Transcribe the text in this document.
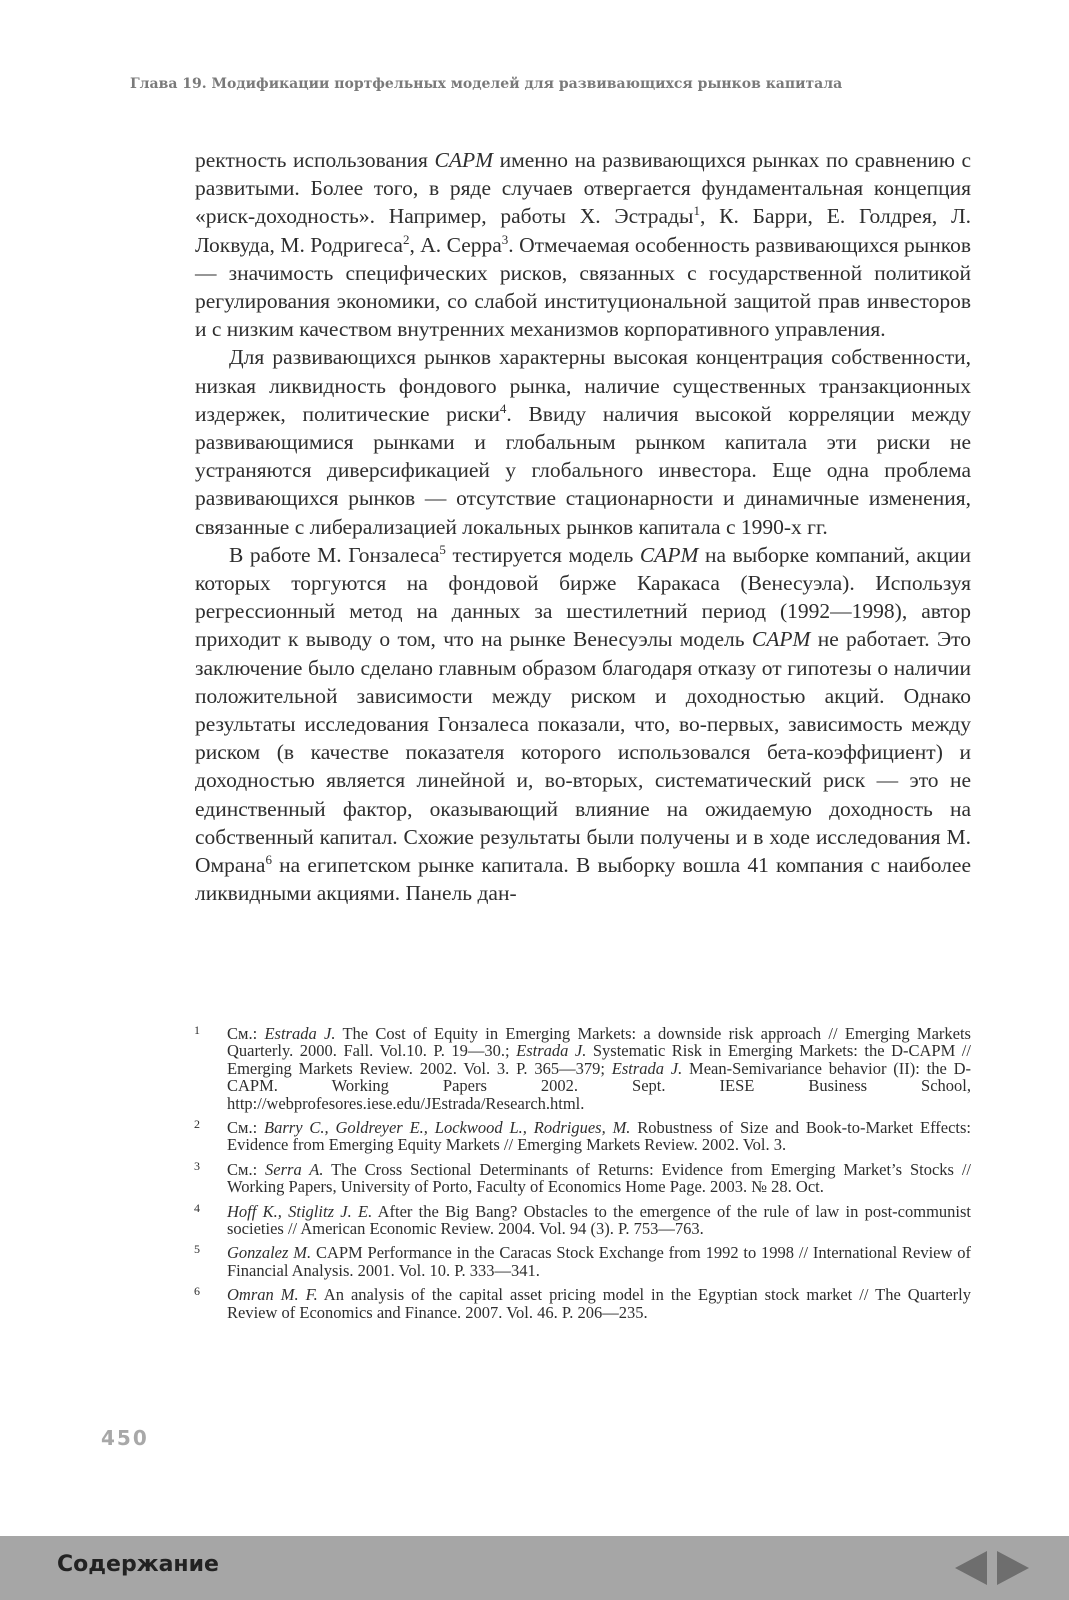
Глава 19. Модификации портфельных моделей для развивающихся рынков капитала

ректность использования CAPM именно на развивающихся рынках по сравнению с развитыми. Более того, в ряде случаев отвергается фундаментальная концепция «риск-доходность». Например, работы Х. Эстрады$^1$, К. Барри, Е. Голдрея, Л. Локвуда, М. Родригеса$^2$, А. Серра$^3$. Отмечаемая особенность развивающихся рынков — значимость специфических рисков, связанных с государственной политикой регулирования экономики, со слабой институциональной защитой прав инвесторов и с низким качеством внутренних механизмов корпоративного управления.

Для развивающихся рынков характерны высокая концентрация собственности, низкая ликвидность фондового рынка, наличие существенных транзакционных издержек, политические риски$^4$. Ввиду наличия высокой корреляции между развивающимися рынками и глобальным рынком капитала эти риски не устраняются диверсификацией у глобального инвестора. Еще одна проблема развивающихся рынков — отсутствие стационарности и динамичные изменения, связанные с либерализацией локальных рынков капитала с 1990-х гг.

В работе М. Гонзалеса$^5$ тестируется модель CAPM на выборке компаний, акции которых торгуются на фондовой бирже Каракаса (Венесуэла). Используя регрессионный метод на данных за шестилетний период (1992—1998), автор приходит к выводу о том, что на рынке Венесуэлы модель CAPM не работает. Это заключение было сделано главным образом благодаря отказу от гипотезы о наличии положительной зависимости между риском и доходностью акций. Однако результаты исследования Гонзалеса показали, что, во-первых, зависимость между риском (в качестве показателя которого использовался бета-коэффициент) и доходностью является линейной и, во-вторых, систематический риск — это не единственный фактор, оказывающий влияние на ожидаемую доходность на собственный капитал. Схожие результаты были получены и в ходе исследования М. Омрана$^6$ на египетском рынке капитала. В выборку вошла 41 компания с наиболее ликвидными акциями. Панель дан-

1 См.: Estrada J. The Cost of Equity in Emerging Markets: a downside risk approach // Emerging Markets Quarterly. 2000. Fall. Vol.10. P. 19—30.; Estrada J. Systematic Risk in Emerging Markets: the D-CAPM // Emerging Markets Review. 2002. Vol. 3. P. 365—379; Estrada J. Mean-Semivariance behavior (II): the D-CAPM. Working Papers 2002. Sept. IESE Business School, http://webprofesores.iese.edu/JEstrada/Research.html.
2 См.: Barry C., Goldreyer E., Lockwood L., Rodrigues, M. Robustness of Size and Book-to-Market Effects: Evidence from Emerging Equity Markets // Emerging Markets Review. 2002. Vol. 3.
3 См.: Serra A. The Cross Sectional Determinants of Returns: Evidence from Emerging Market’s Stocks // Working Papers, University of Porto, Faculty of Economics Home Page. 2003. № 28. Oct.
4 Hoff K., Stiglitz J. E. After the Big Bang? Obstacles to the emergence of the rule of law in post-communist societies // American Economic Review. 2004. Vol. 94 (3). P. 753—763.
5 Gonzalez M. CAPM Performance in the Caracas Stock Exchange from 1992 to 1998 // International Review of Financial Analysis. 2001. Vol. 10. P. 333—341.
6 Omran M. F. An analysis of the capital asset pricing model in the Egyptian stock market // The Quarterly Review of Economics and Finance. 2007. Vol. 46. P. 206—235.
450
Содержание
